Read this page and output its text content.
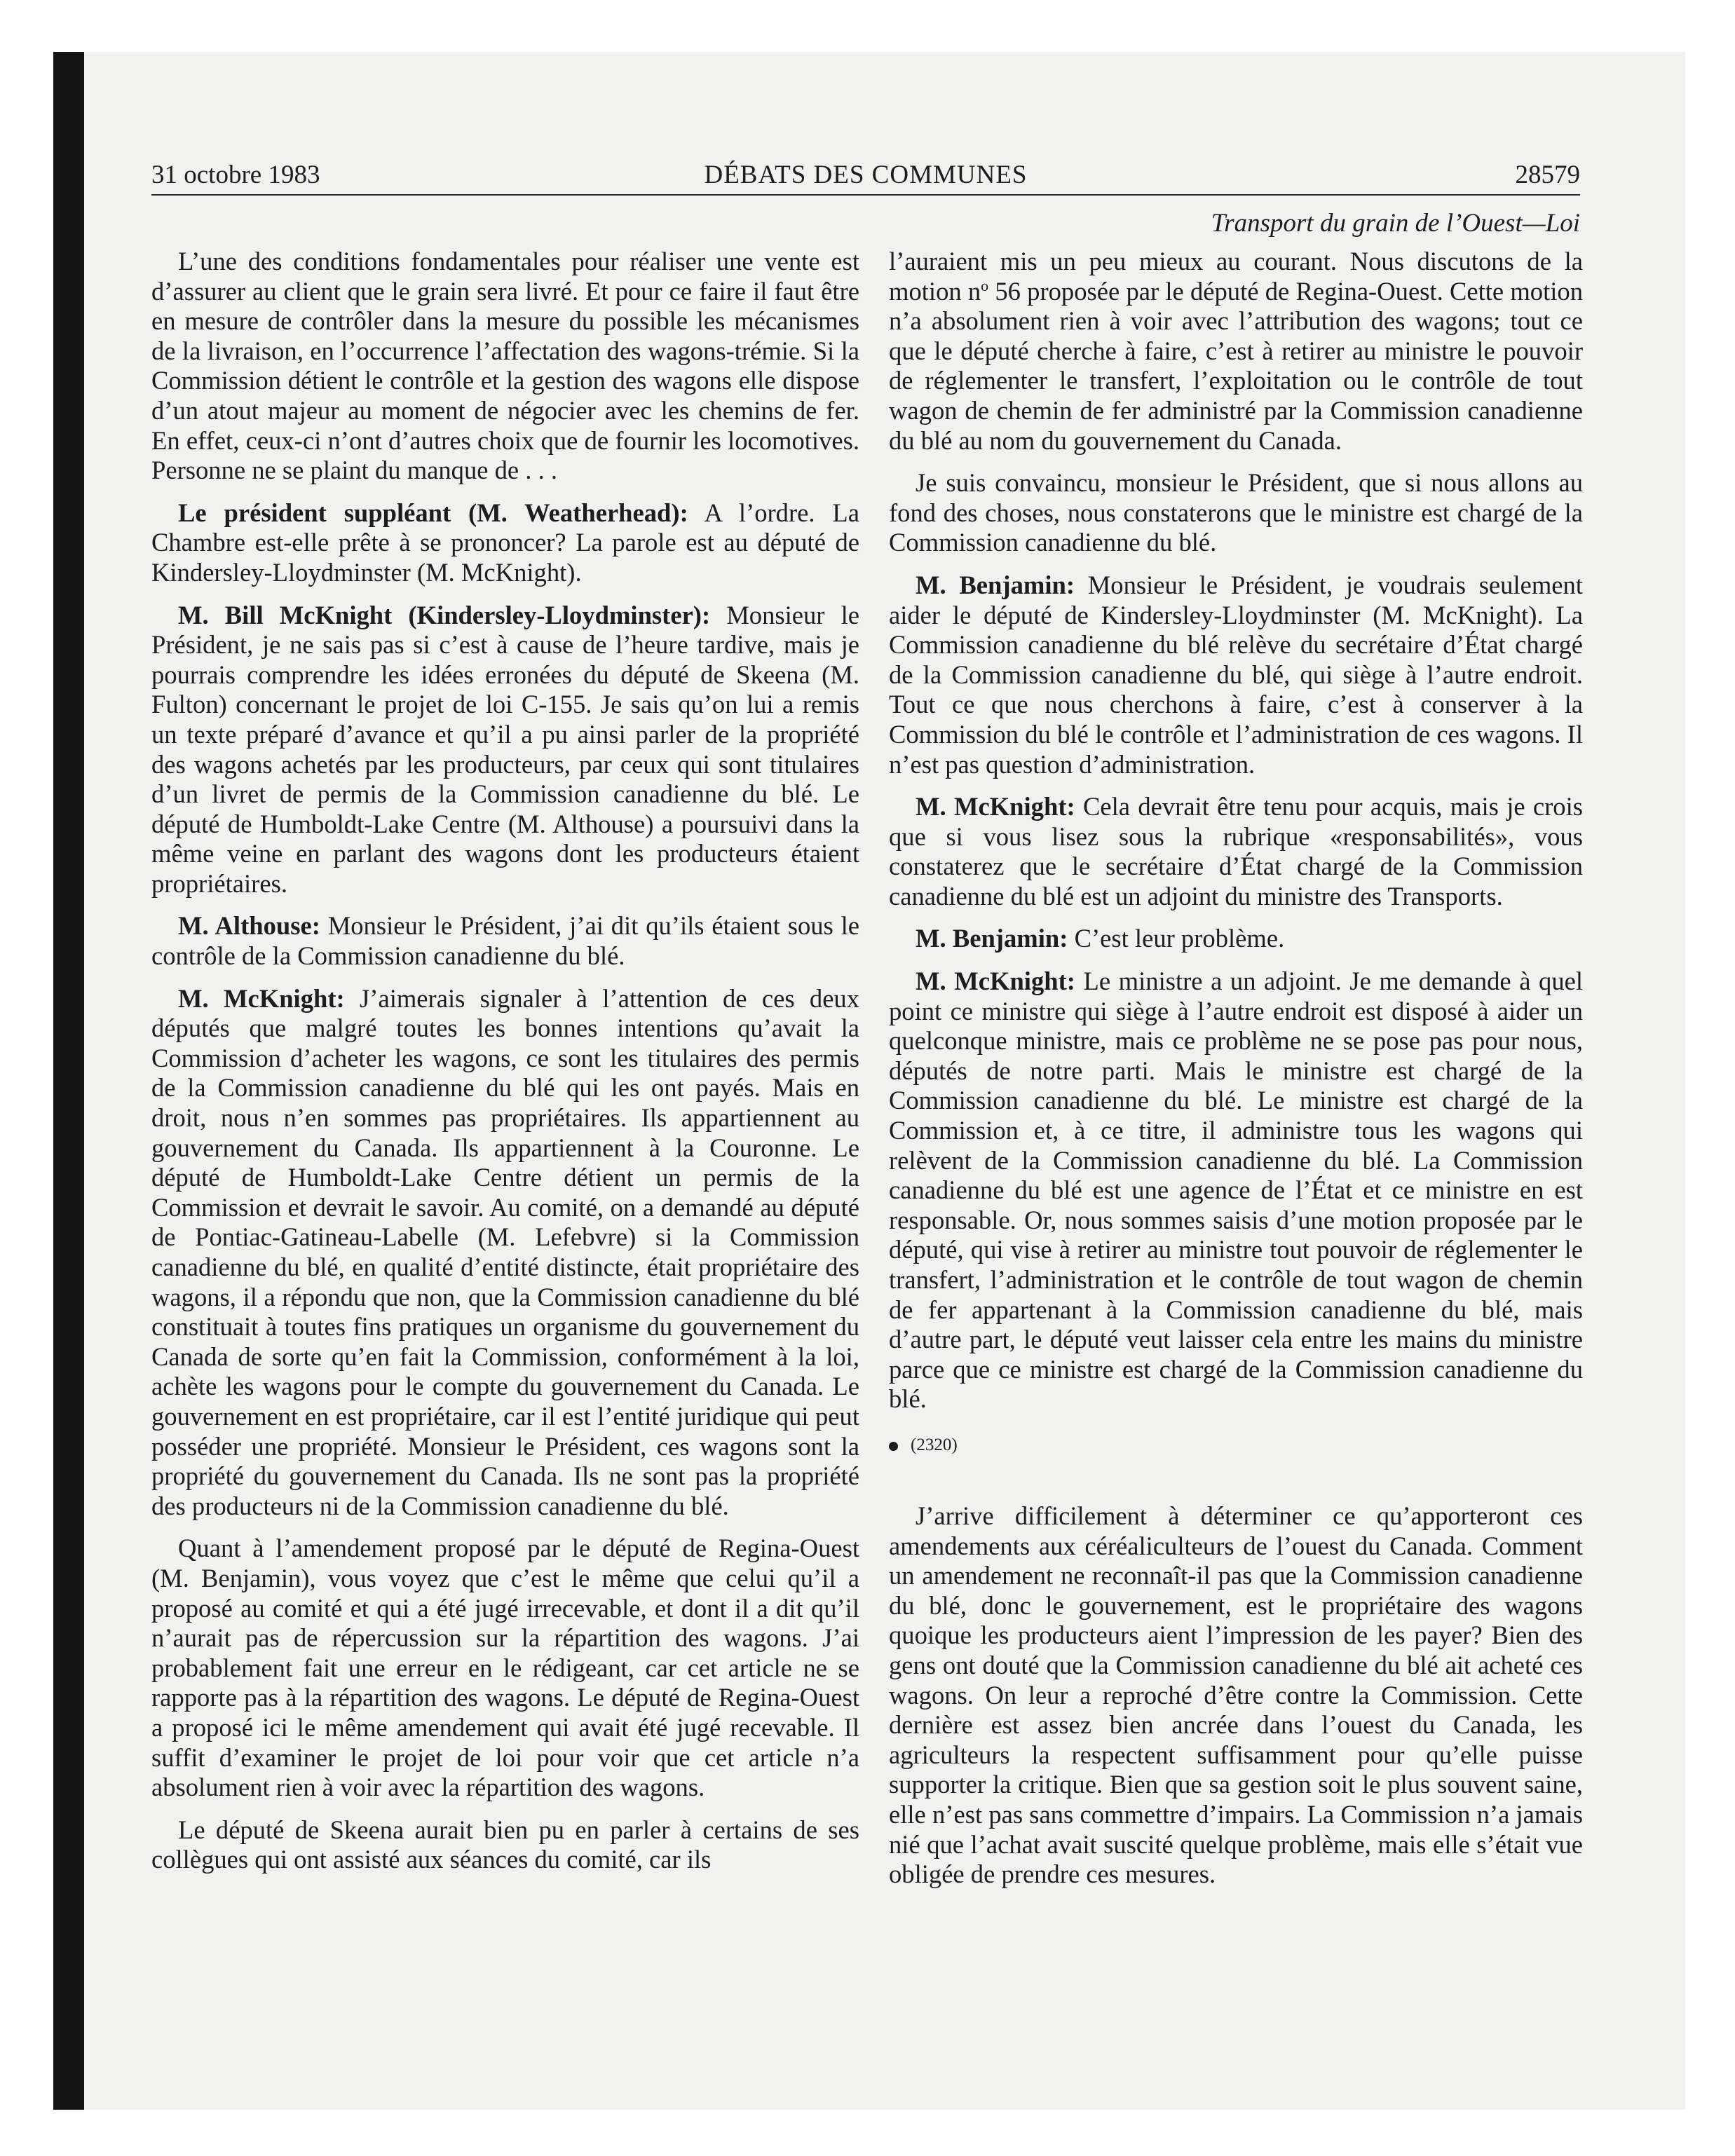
31 octobre 1983	DÉBATS DES COMMUNES	28579
Transport du grain de l’Ouest—Loi

L’une des conditions fondamentales pour réaliser une vente est d’assurer au client que le grain sera livré. Et pour ce faire il faut être en mesure de contrôler dans la mesure du possible les mécanismes de la livraison, en l’occurrence l’affectation des wagons-trémie. Si la Commission détient le contrôle et la gestion des wagons elle dispose d’un atout majeur au moment de négocier avec les chemins de fer. En effet, ceux-ci n’ont d’autres choix que de fournir les locomotives. Personne ne se plaint du manque de . . .

Le président suppléant (M. Weatherhead): A l’ordre. La Chambre est-elle prête à se prononcer? La parole est au député de Kindersley-Lloydminster (M. McKnight).

M. Bill McKnight (Kindersley-Lloydminster): Monsieur le Président, je ne sais pas si c’est à cause de l’heure tardive, mais je pourrais comprendre les idées erronées du député de Skeena (M. Fulton) concernant le projet de loi C-155. Je sais qu’on lui a remis un texte préparé d’avance et qu’il a pu ainsi parler de la propriété des wagons achetés par les producteurs, par ceux qui sont titulaires d’un livret de permis de la Commission canadienne du blé. Le député de Humboldt-Lake Centre (M. Althouse) a poursuivi dans la même veine en parlant des wagons dont les producteurs étaient propriétaires.

M. Althouse: Monsieur le Président, j’ai dit qu’ils étaient sous le contrôle de la Commission canadienne du blé.

M. McKnight: J’aimerais signaler à l’attention de ces deux députés que malgré toutes les bonnes intentions qu’avait la Commission d’acheter les wagons, ce sont les titulaires des permis de la Commission canadienne du blé qui les ont payés. Mais en droit, nous n’en sommes pas propriétaires. Ils appartiennent au gouvernement du Canada. Ils appartiennent à la Couronne. Le député de Humboldt-Lake Centre détient un permis de la Commission et devrait le savoir. Au comité, on a demandé au député de Pontiac-Gatineau-Labelle (M. Lefebvre) si la Commission canadienne du blé, en qualité d’entité distincte, était propriétaire des wagons, il a répondu que non, que la Commission canadienne du blé constituait à toutes fins pratiques un organisme du gouvernement du Canada de sorte qu’en fait la Commission, conformément à la loi, achète les wagons pour le compte du gouvernement du Canada. Le gouvernement en est propriétaire, car il est l’entité juridique qui peut posséder une propriété. Monsieur le Président, ces wagons sont la propriété du gouvernement du Canada. Ils ne sont pas la propriété des producteurs ni de la Commission canadienne du blé.

Quant à l’amendement proposé par le député de Regina-Ouest (M. Benjamin), vous voyez que c’est le même que celui qu’il a proposé au comité et qui a été jugé irrecevable, et dont il a dit qu’il n’aurait pas de répercussion sur la répartition des wagons. J’ai probablement fait une erreur en le rédigeant, car cet article ne se rapporte pas à la répartition des wagons. Le député de Regina-Ouest a proposé ici le même amendement qui avait été jugé recevable. Il suffit d’examiner le projet de loi pour voir que cet article n’a absolument rien à voir avec la répartition des wagons.

Le député de Skeena aurait bien pu en parler à certains de ses collègues qui ont assisté aux séances du comité, car ils

l’auraient mis un peu mieux au courant. Nous discutons de la motion $n^o$ 56 proposée par le député de Regina-Ouest. Cette motion n’a absolument rien à voir avec l’attribution des wagons; tout ce que le député cherche à faire, c’est à retirer au ministre le pouvoir de réglementer le transfert, l’exploitation ou le contrôle de tout wagon de chemin de fer administré par la Commission canadienne du blé au nom du gouvernement du Canada.

Je suis convaincu, monsieur le Président, que si nous allons au fond des choses, nous constaterons que le ministre est chargé de la Commission canadienne du blé.

M. Benjamin: Monsieur le Président, je voudrais seulement aider le député de Kindersley-Lloydminster (M. McKnight). La Commission canadienne du blé relève du secrétaire d’État chargé de la Commission canadienne du blé, qui siège à l’autre endroit. Tout ce que nous cherchons à faire, c’est à conserver à la Commission du blé le contrôle et l’administration de ces wagons. Il n’est pas question d’administration.

M. McKnight: Cela devrait être tenu pour acquis, mais je crois que si vous lisez sous la rubrique «responsabilités», vous constaterez que le secrétaire d’État chargé de la Commission canadienne du blé est un adjoint du ministre des Transports.

M. Benjamin: C’est leur problème.

M. McKnight: Le ministre a un adjoint. Je me demande à quel point ce ministre qui siège à l’autre endroit est disposé à aider un quelconque ministre, mais ce problème ne se pose pas pour nous, députés de notre parti. Mais le ministre est chargé de la Commission canadienne du blé. Le ministre est chargé de la Commission et, à ce titre, il administre tous les wagons qui relèvent de la Commission canadienne du blé. La Commission canadienne du blé est une agence de l’État et ce ministre en est responsable. Or, nous sommes saisis d’une motion proposée par le député, qui vise à retirer au ministre tout pouvoir de réglementer le transfert, l’administration et le contrôle de tout wagon de chemin de fer appartenant à la Commission canadienne du blé, mais d’autre part, le député veut laisser cela entre les mains du ministre parce que ce ministre est chargé de la Commission canadienne du blé.

(2320)

J’arrive difficilement à déterminer ce qu’apporteront ces amendements aux céréaliculteurs de l’ouest du Canada. Comment un amendement ne reconnaît-il pas que la Commission canadienne du blé, donc le gouvernement, est le propriétaire des wagons quoique les producteurs aient l’impression de les payer? Bien des gens ont douté que la Commission canadienne du blé ait acheté ces wagons. On leur a reproché d’être contre la Commission. Cette dernière est assez bien ancrée dans l’ouest du Canada, les agriculteurs la respectent suffisamment pour qu’elle puisse supporter la critique. Bien que sa gestion soit le plus souvent saine, elle n’est pas sans commettre d’impairs. La Commission n’a jamais nié que l’achat avait suscité quelque problème, mais elle s’était vue obligée de prendre ces mesures.
